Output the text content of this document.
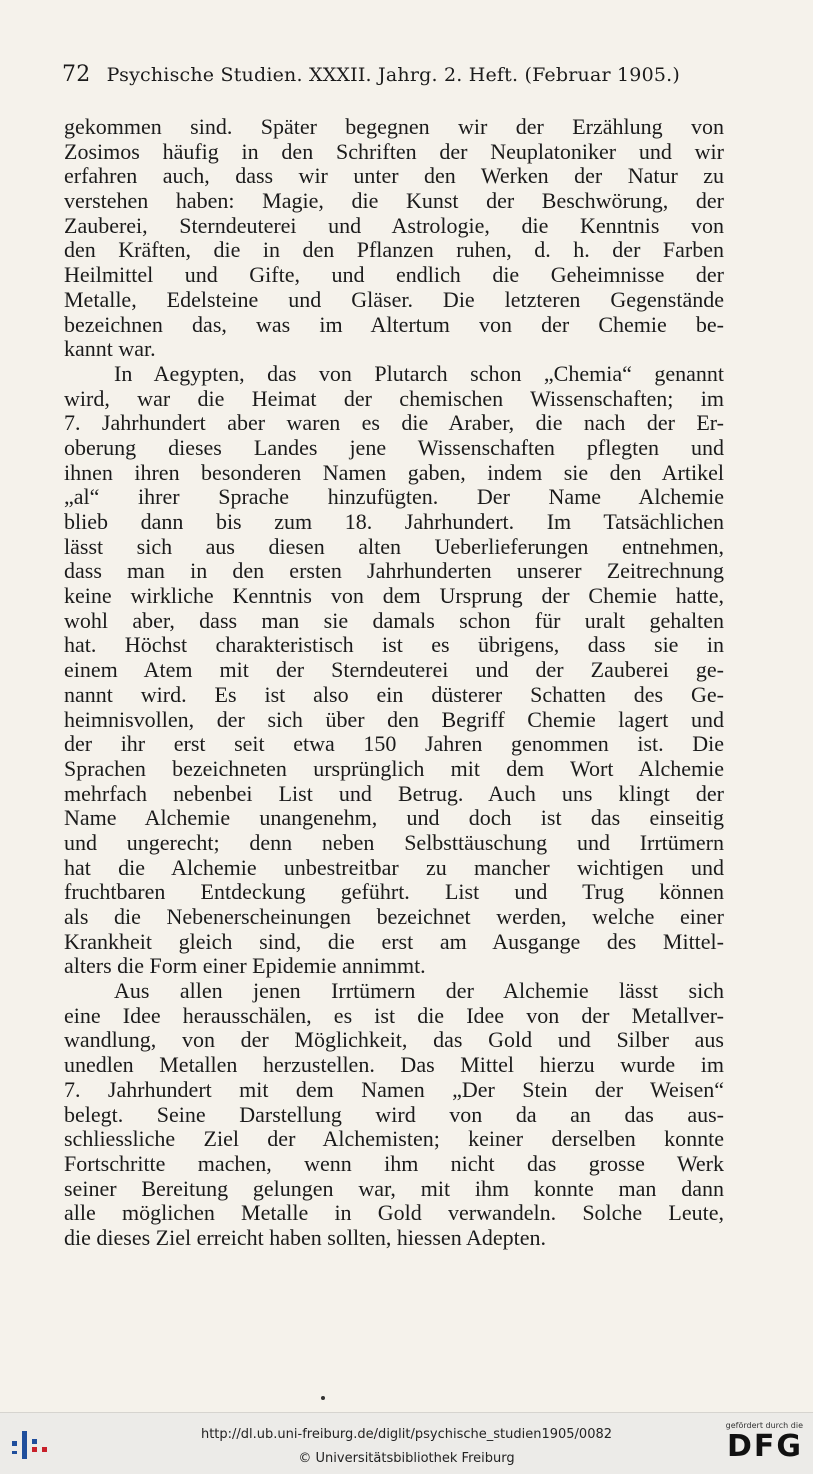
72 Psychische Studien. XXXII. Jahrg. 2. Heft. (Februar 1905.)
gekommen sind. Später begegnen wir der Erzählung von
Zosimos häufig in den Schriften der Neuplatoniker und wir
erfahren auch, dass wir unter den Werken der Natur zu
verstehen haben: Magie, die Kunst der Beschwörung, der
Zauberei, Sterndeuterei und Astrologie, die Kenntnis von
den Kräften, die in den Pflanzen ruhen, d. h. der Farben
Heilmittel und Gifte, und endlich die Geheimnisse der
Metalle, Edelsteine und Gläser. Die letzteren Gegenstände
bezeichnen das, was im Altertum von der Chemie be-
kannt war.
In Aegypten, das von Plutarch schon „Chemia“ genannt
wird, war die Heimat der chemischen Wissenschaften; im
7. Jahrhundert aber waren es die Araber, die nach der Er-
oberung dieses Landes jene Wissenschaften pflegten und
ihnen ihren besonderen Namen gaben, indem sie den Artikel
„al“ ihrer Sprache hinzufügten. Der Name Alchemie
blieb dann bis zum 18. Jahrhundert. Im Tatsächlichen
lässt sich aus diesen alten Ueberlieferungen entnehmen,
dass man in den ersten Jahrhunderten unserer Zeitrechnung
keine wirkliche Kenntnis von dem Ursprung der Chemie hatte,
wohl aber, dass man sie damals schon für uralt gehalten
hat. Höchst charakteristisch ist es übrigens, dass sie in
einem Atem mit der Sterndeuterei und der Zauberei ge-
nannt wird. Es ist also ein düsterer Schatten des Ge-
heimnisvollen, der sich über den Begriff Chemie lagert und
der ihr erst seit etwa 150 Jahren genommen ist. Die
Sprachen bezeichneten ursprünglich mit dem Wort Alchemie
mehrfach nebenbei List und Betrug. Auch uns klingt der
Name Alchemie unangenehm, und doch ist das einseitig
und ungerecht; denn neben Selbsttäuschung und Irrtümern
hat die Alchemie unbestreitbar zu mancher wichtigen und
fruchtbaren Entdeckung geführt. List und Trug können
als die Nebenerscheinungen bezeichnet werden, welche einer
Krankheit gleich sind, die erst am Ausgange des Mittel-
alters die Form einer Epidemie annimmt.
Aus allen jenen Irrtümern der Alchemie lässt sich
eine Idee herausschälen, es ist die Idee von der Metallver-
wandlung, von der Möglichkeit, das Gold und Silber aus
unedlen Metallen herzustellen. Das Mittel hierzu wurde im
7. Jahrhundert mit dem Namen „Der Stein der Weisen“
belegt. Seine Darstellung wird von da an das aus-
schliessliche Ziel der Alchemisten; keiner derselben konnte
Fortschritte machen, wenn ihm nicht das grosse Werk
seiner Bereitung gelungen war, mit ihm konnte man dann
alle möglichen Metalle in Gold verwandeln. Solche Leute,
die dieses Ziel erreicht haben sollten, hiessen Adepten.
http://dl.ub.uni-freiburg.de/diglit/psychische_studien1905/0082
© Universitätsbibliothek Freiburg
gefördert durch die
DFG
